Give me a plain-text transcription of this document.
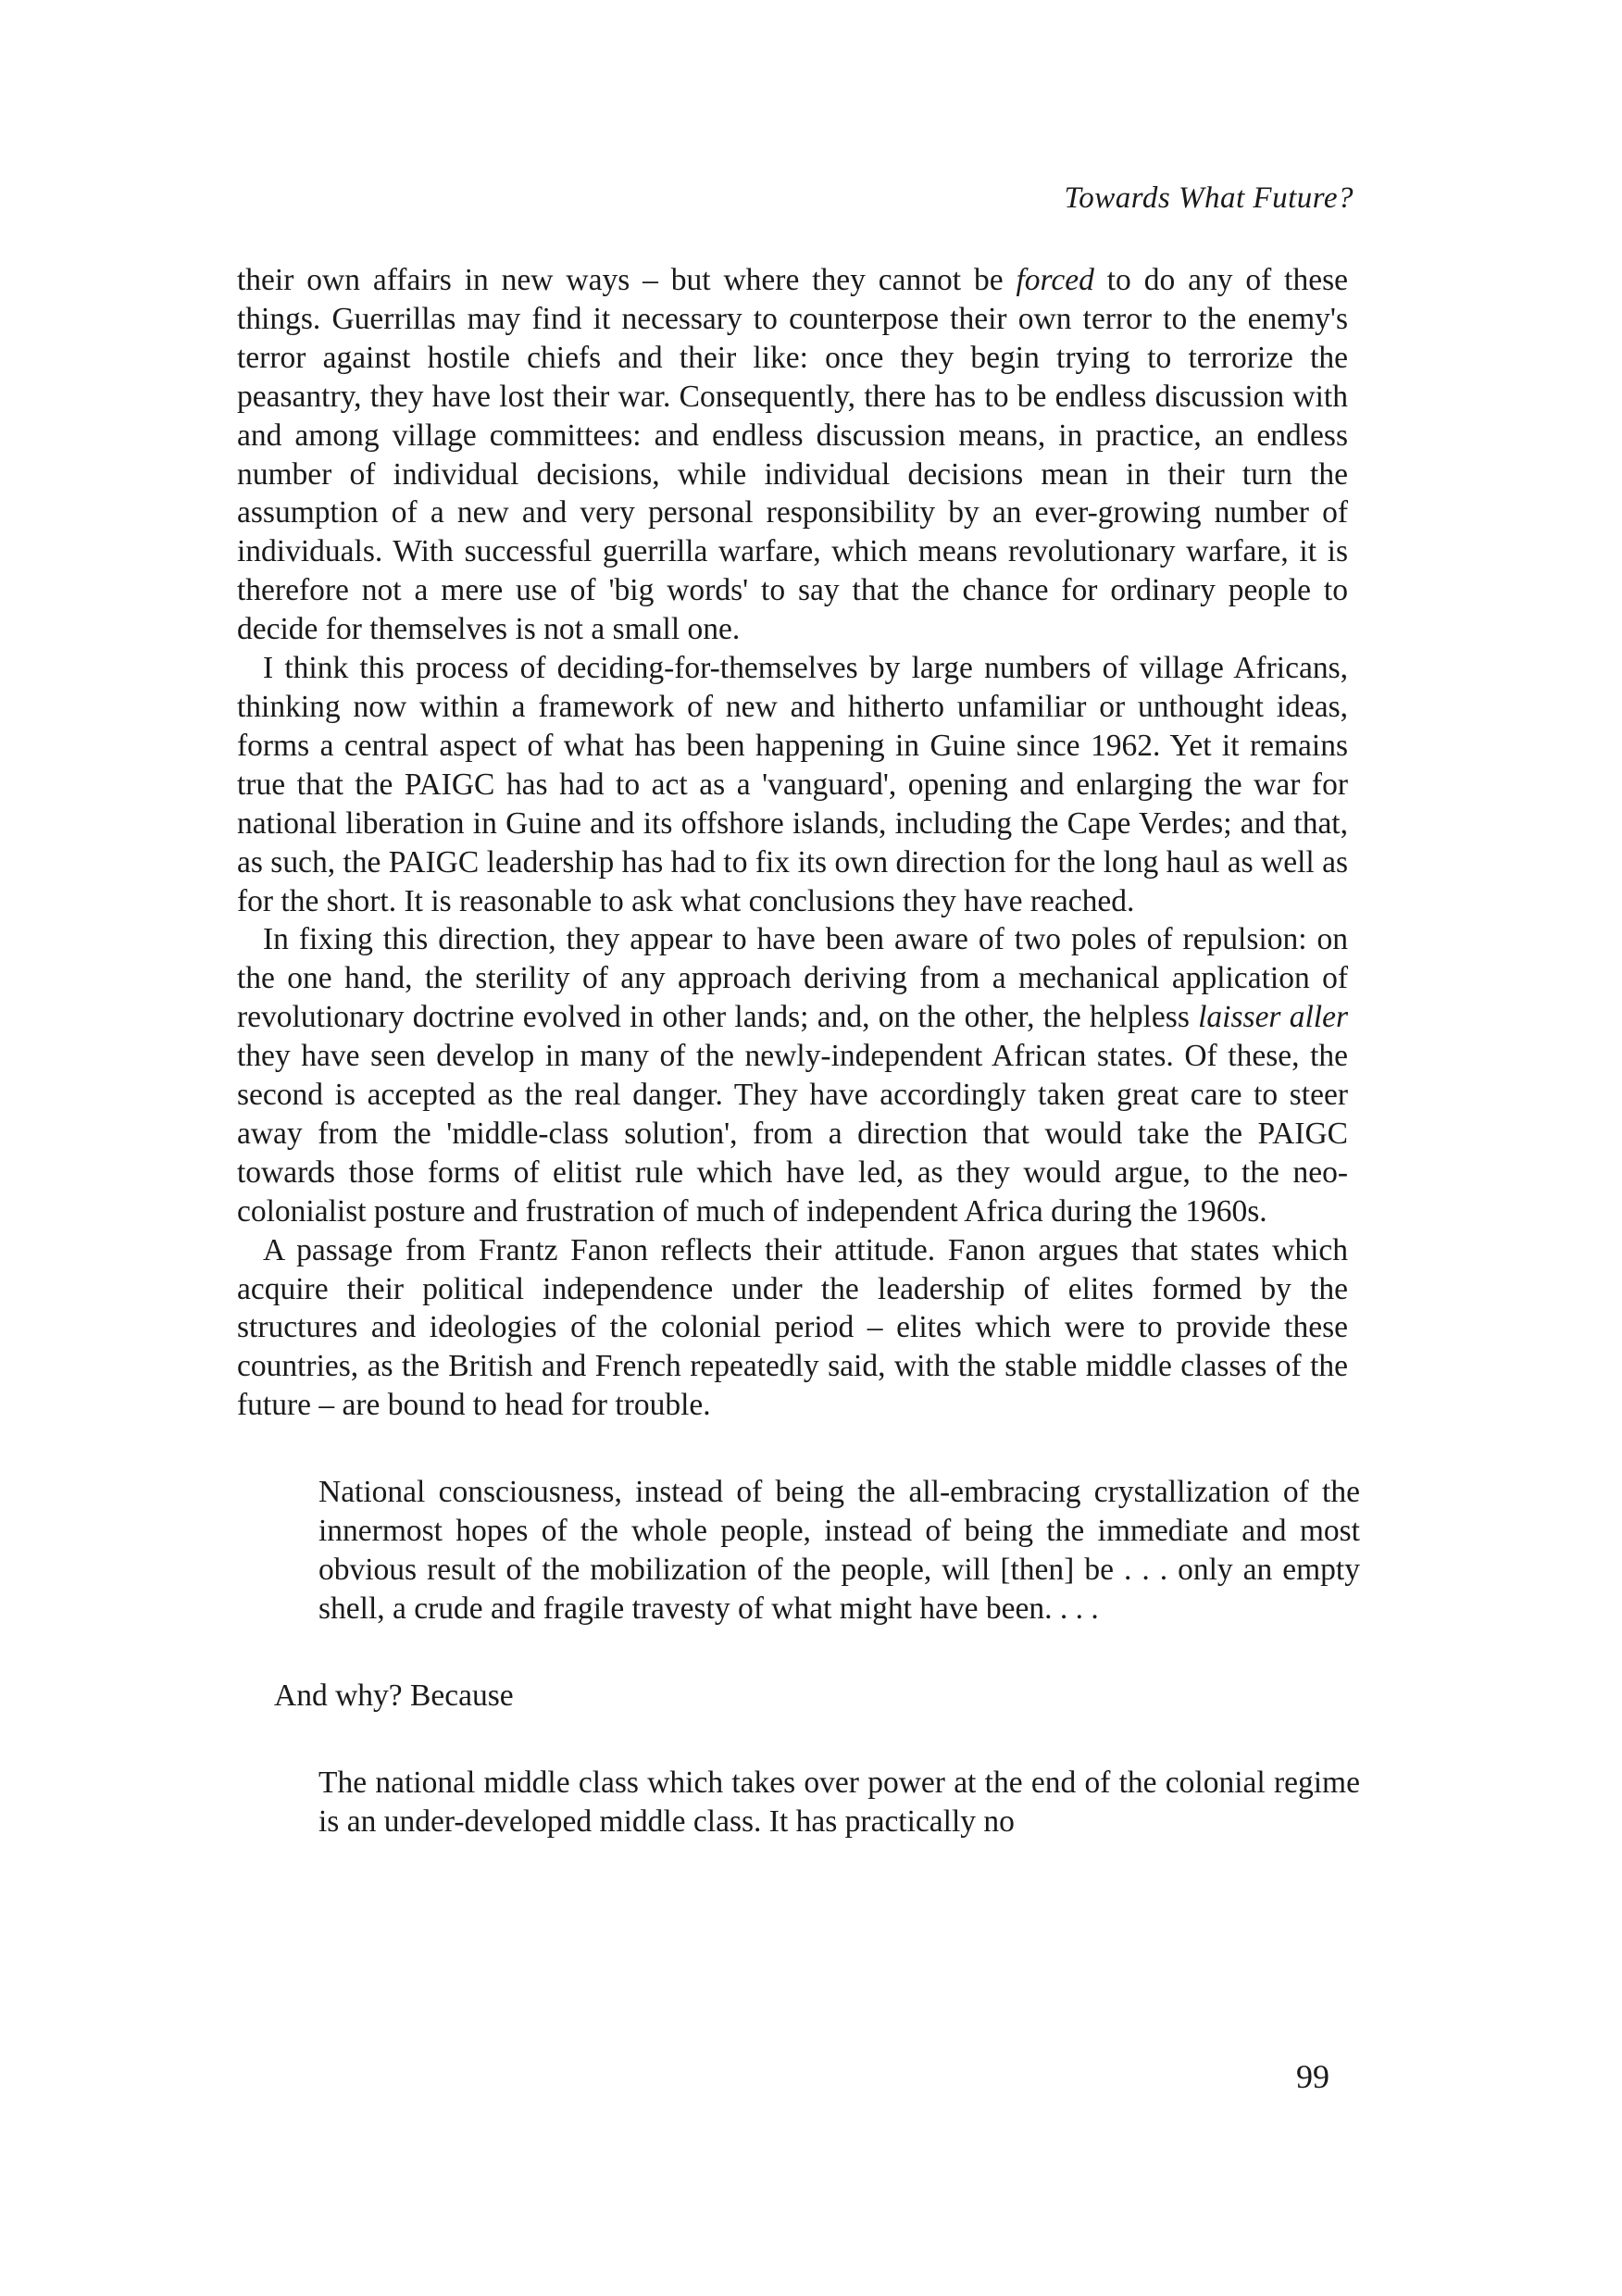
Towards What Future?

their own affairs in new ways – but where they cannot be forced to do any of these things. Guerrillas may find it necessary to counterpose their own terror to the enemy's terror against hostile chiefs and their like: once they begin trying to terrorize the peasantry, they have lost their war. Consequently, there has to be endless discussion with and among village committees: and endless discussion means, in practice, an endless number of individual decisions, while individual decisions mean in their turn the assumption of a new and very personal responsibility by an ever-growing number of individuals. With successful guerrilla warfare, which means revolutionary warfare, it is therefore not a mere use of 'big words' to say that the chance for ordinary people to decide for themselves is not a small one.

I think this process of deciding-for-themselves by large numbers of village Africans, thinking now within a framework of new and hitherto unfamiliar or unthought ideas, forms a central aspect of what has been happening in Guine since 1962. Yet it remains true that the PAIGC has had to act as a 'vanguard', opening and enlarging the war for national liberation in Guine and its offshore islands, including the Cape Verdes; and that, as such, the PAIGC leadership has had to fix its own direction for the long haul as well as for the short. It is reasonable to ask what conclusions they have reached.

In fixing this direction, they appear to have been aware of two poles of repulsion: on the one hand, the sterility of any approach deriving from a mechanical application of revolutionary doctrine evolved in other lands; and, on the other, the helpless laisser aller they have seen develop in many of the newly-independent African states. Of these, the second is accepted as the real danger. They have accordingly taken great care to steer away from the 'middle-class solution', from a direction that would take the PAIGC towards those forms of elitist rule which have led, as they would argue, to the neo-colonialist posture and frustration of much of independent Africa during the 1960s.

A passage from Frantz Fanon reflects their attitude. Fanon argues that states which acquire their political independence under the leadership of elites formed by the structures and ideologies of the colonial period – elites which were to provide these countries, as the British and French repeatedly said, with the stable middle classes of the future – are bound to head for trouble.

National consciousness, instead of being the all-embracing crystallization of the innermost hopes of the whole people, instead of being the immediate and most obvious result of the mobilization of the people, will [then] be . . . only an empty shell, a crude and fragile travesty of what might have been. . . .

And why? Because

The national middle class which takes over power at the end of the colonial regime is an under-developed middle class. It has practically no

99
